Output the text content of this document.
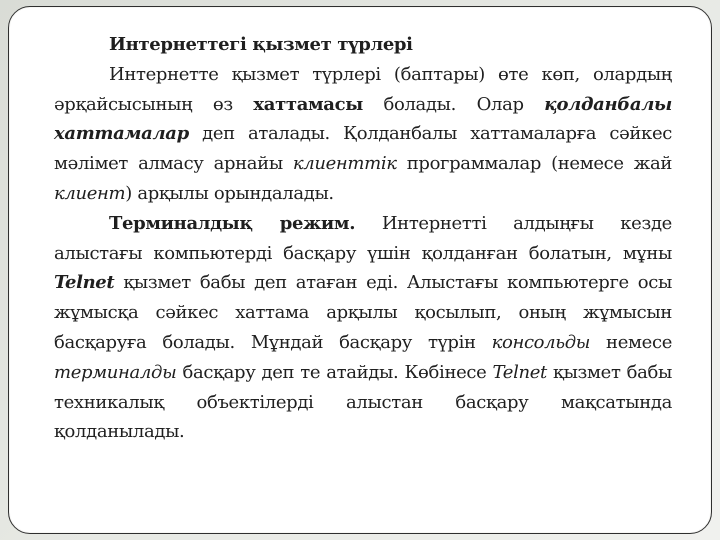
Интернеттегі қызмет түрлері

Интернетте қызмет түрлері (баптары) өте көп, олардың әрқайсысының өз хаттамасы болады. Олар қолданбалы хаттамалар деп аталады. Қолданбалы хаттамаларға сәйкес мәлімет алмасу арнайы клиенттік программалар (немесе жай клиент) арқылы орындалады.

Терминалдық режим. Интернетті алдыңғы кезде алыстағы компьютерді басқару үшін қолданған болатын, мұны Telnet қызмет бабы деп атаған еді. Алыстағы компьютерге осы жұмысқа сәйкес хаттама арқылы қосылып, оның жұмысын басқаруға болады. Мұндай басқару түрін консольды немесе терминалды басқару деп те атайды. Көбінесе Telnet қызмет бабы техникалық объектілерді алыстан басқару мақсатында қолданылады.
